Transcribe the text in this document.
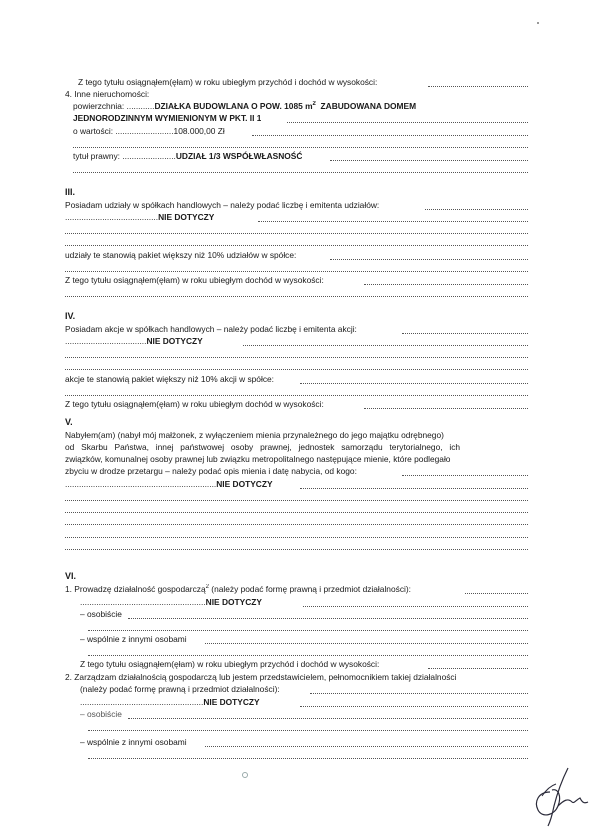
Z tego tytułu osiągnąłem(ęłam) w roku ubiegłym przychód i dochód w wysokości:
4. Inne nieruchomości:
powierzchnia: ............DZIAŁKA BUDOWLANA O POW. 1085 $m^2$ ZABUDOWANA DOMEM
JEDNORODZINNYM WYMIENIONYM W PKT. II 1
o wartości: .........................108.000,00 Zł
tytuł prawny: .......................UDZIAŁ 1/3 WSPÓŁWŁASNOŚĆ
III.
Posiadam udziały w spółkach handlowych – należy podać liczbę i emitenta udziałów:
........................................NIE DOTYCZY
udziały te stanowią pakiet większy niż 10% udziałów w spółce:
Z tego tytułu osiągnąłem(ęłam) w roku ubiegłym dochód w wysokości:
IV.
Posiadam akcje w spółkach handlowych – należy podać liczbę i emitenta akcji:
...................................NIE DOTYCZY
akcje te stanowią pakiet większy niż 10% akcji w spółce:
Z tego tytułu osiągnąłem(ęłam) w roku ubiegłym dochód w wysokości:
V.
Nabyłem(am) (nabył mój małżonek, z wyłączeniem mienia przynależnego do jego majątku odrębnego)
od Skarbu Państwa, innej państwowej osoby prawnej, jednostek samorządu terytorialnego, ich
związków, komunalnej osoby prawnej lub związku metropolitalnego następujące mienie, które podlegało
zbyciu w drodze przetargu – należy podać opis mienia i datę nabycia, od kogo:
.................................................................NIE DOTYCZY
VI.
1. Prowadzę działalność gospodarczą$^2$ (należy podać formę prawną i przedmiot działalności):
......................................................NIE DOTYCZY
– osobiście
– wspólnie z innymi osobami
Z tego tytułu osiągnąłem(ęłam) w roku ubiegłym przychód i dochód w wysokości:
2. Zarządzam działalnością gospodarczą lub jestem przedstawicielem, pełnomocnikiem takiej działalności
(należy podać formę prawną i przedmiot działalności):
.....................................................NIE DOTYCZY
– osobiście
– wspólnie z innymi osobami
